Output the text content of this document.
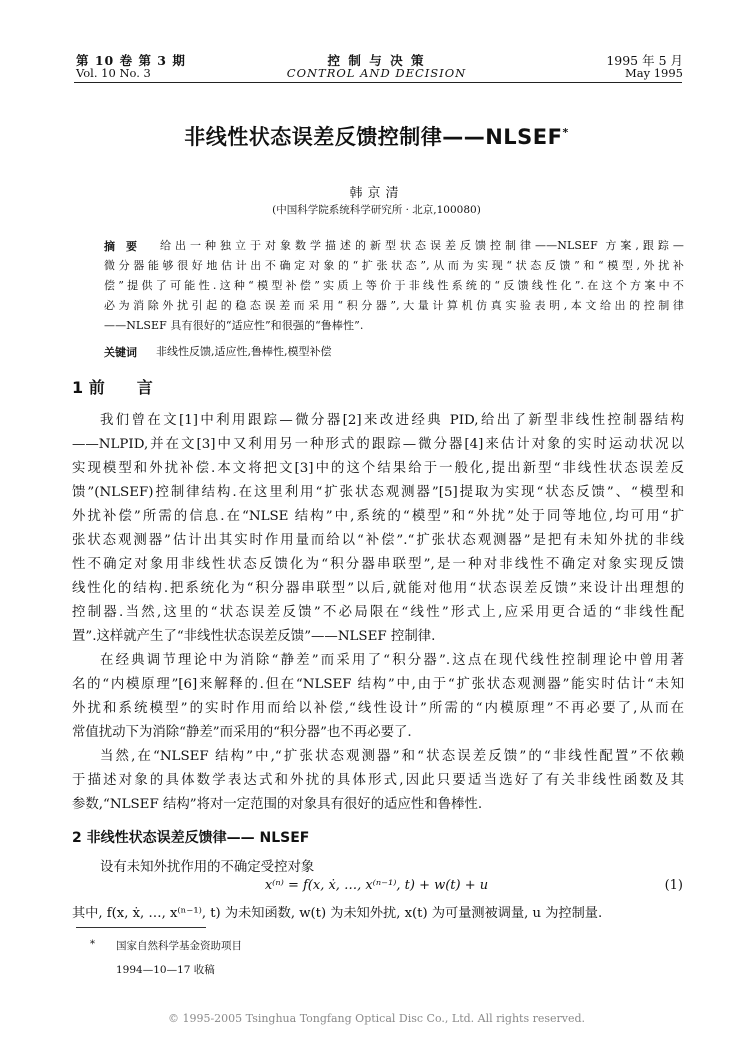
第 10 卷 第 3 期
Vol. 10 No. 3
控 制 与 决 策
CONTROL AND DECISION
1995 年 5 月
May 1995
非线性状态误差反馈控制律——NLSEF*
韩京清
(中国科学院系统科学研究所 · 北京,100080)
摘　要 给出一种独立于对象数学描述的新型状态误差反馈控制律——NLSEF 方案,跟踪—
微分器能够很好地估计出不确定对象的“扩张状态”,从而为实现“状态反馈”和“模型,外扰补
偿”提供了可能性.这种“模型补偿”实质上等价于非线性系统的“反馈线性化”.在这个方案中不
必为消除外扰引起的稳态误差而采用“积分器”,大量计算机仿真实验表明,本文给出的控制律
——NLSEF 具有很好的“适应性”和很强的“鲁棒性”.
关键词 非线性反馈,适应性,鲁棒性,模型补偿
1 前　　言
我们曾在文[1]中利用跟踪—微分器[2]来改进经典 PID,给出了新型非线性控制器结构
——NLPID,并在文[3]中又利用另一种形式的跟踪—微分器[4]来估计对象的实时运动状况以
实现模型和外扰补偿.本文将把文[3]中的这个结果给于一般化,提出新型“非线性状态误差反
馈”(NLSEF)控制律结构.在这里利用“扩张状态观测器”[5]提取为实现“状态反馈”、“模型和
外扰补偿”所需的信息.在“NLSE 结构”中,系统的“模型”和“外扰”处于同等地位,均可用“扩
张状态观测器”估计出其实时作用量而给以“补偿”.“扩张状态观测器”是把有未知外扰的非线
性不确定对象用非线性状态反馈化为“积分器串联型”,是一种对非线性不确定对象实现反馈
线性化的结构.把系统化为“积分器串联型”以后,就能对他用“状态误差反馈”来设计出理想的
控制器.当然,这里的“状态误差反馈”不必局限在“线性”形式上,应采用更合适的“非线性配
置”.这样就产生了“非线性状态误差反馈”——NLSEF 控制律.
在经典调节理论中为消除“静差”而采用了“积分器”.这点在现代线性控制理论中曾用著
名的“内模原理”[6]来解释的.但在“NLSEF 结构”中,由于“扩张状态观测器”能实时估计“未知
外扰和系统模型”的实时作用而给以补偿,“线性设计”所需的“内模原理”不再必要了,从而在
常值扰动下为消除“静差”而采用的“积分器”也不再必要了.
当然,在“NLSEF 结构”中,“扩张状态观测器”和“状态误差反馈”的“非线性配置”不依赖
于描述对象的具体数学表达式和外扰的具体形式,因此只要适当选好了有关非线性函数及其
参数,“NLSEF 结构”将对一定范围的对象具有很好的适应性和鲁棒性.
2 非线性状态误差反馈律—— NLSEF
设有未知外扰作用的不确定受控对象
x⁽ⁿ⁾ = f(x, ẋ, …, x⁽ⁿ⁻¹⁾, t) + w(t) + u	(1)
其中, f(x, ẋ, …, x⁽ⁿ⁻¹⁾, t) 为未知函数, w(t) 为未知外扰, x(t) 为可量测被调量, u 为控制量.
* 国家自然科学基金资助项目
1994—10—17 收稿
© 1995-2005 Tsinghua Tongfang Optical Disc Co., Ltd. All rights reserved.
